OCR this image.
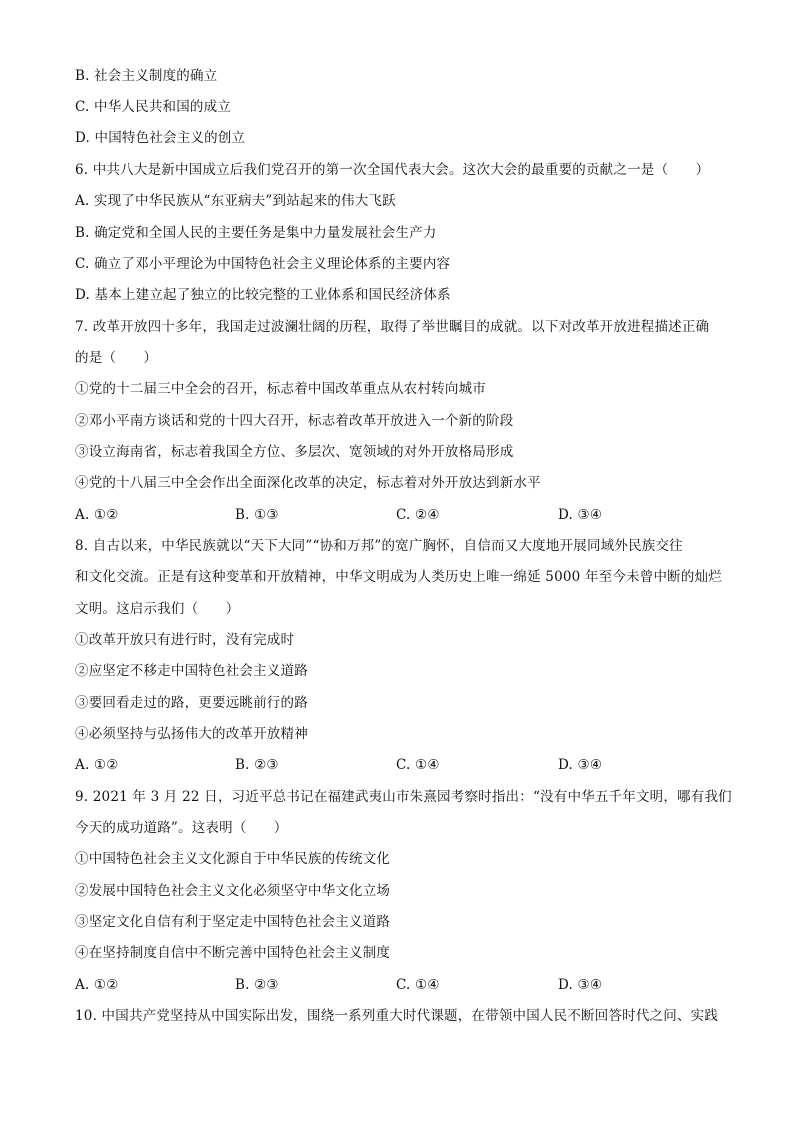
B. 社会主义制度的确立
C. 中华人民共和国的成立
D. 中国特色社会主义的创立
6. 中共八大是新中国成立后我们党召开的第一次全国代表大会。这次大会的最重要的贡献之一是（　　）
A. 实现了中华民族从“东亚病夫”到站起来的伟大飞跃
B. 确定党和全国人民的主要任务是集中力量发展社会生产力
C. 确立了邓小平理论为中国特色社会主义理论体系的主要内容
D. 基本上建立起了独立的比较完整的工业体系和国民经济体系
7. 改革开放四十多年，我国走过波澜壮阔的历程，取得了举世瞩目的成就。以下对改革开放进程描述正确
的是（　　）
①党的十二届三中全会的召开，标志着中国改革重点从农村转向城市
②邓小平南方谈话和党的十四大召开，标志着改革开放进入一个新的阶段
③设立海南省，标志着我国全方位、多层次、宽领域的对外开放格局形成
④党的十八届三中全会作出全面深化改革的决定，标志着对外开放达到新水平
A. ①②	B. ①③	C. ②④	D. ③④
8. 自古以来，中华民族就以“天下大同”“协和万邦”的宽广胸怀，自信而又大度地开展同域外民族交往
和文化交流。正是有这种变革和开放精神，中华文明成为人类历史上唯一绵延 5000 年至今未曾中断的灿烂
文明。这启示我们（　　）
①改革开放只有进行时，没有完成时
②应坚定不移走中国特色社会主义道路
③要回看走过的路，更要远眺前行的路
④必须坚持与弘扬伟大的改革开放精神
A. ①②	B. ②③	C. ①④	D. ③④
9. 2021 年 3 月 22 日，习近平总书记在福建武夷山市朱熹园考察时指出：“没有中华五千年文明，哪有我们
今天的成功道路”。这表明（　　）
①中国特色社会主义文化源自于中华民族的传统文化
②发展中国特色社会主义文化必须坚守中华文化立场
③坚定文化自信有利于坚定走中国特色社会主义道路
④在坚持制度自信中不断完善中国特色社会主义制度
A. ①②	B. ②③	C. ①④	D. ③④
10. 中国共产党坚持从中国实际出发，围绕一系列重大时代课题，在带领中国人民不断回答时代之问、实践
